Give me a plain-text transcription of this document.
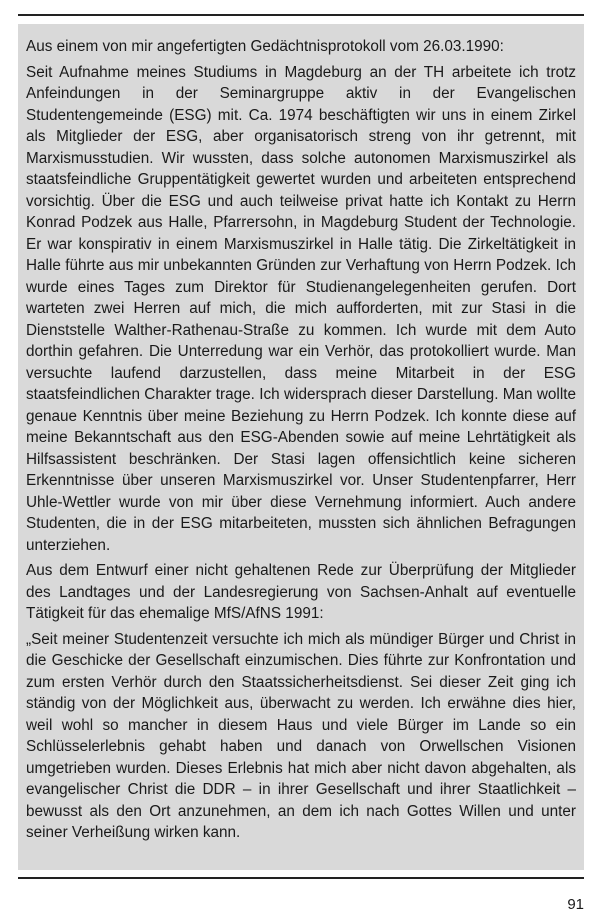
Aus einem von mir angefertigten Gedächtnisprotokoll vom 26.03.1990:

Seit Aufnahme meines Studiums in Magdeburg an der TH arbeitete ich trotz Anfeindungen in der Seminargruppe aktiv in der Evangelischen Studentengemeinde (ESG) mit. Ca. 1974 beschäftigten wir uns in einem Zirkel als Mitglieder der ESG, aber organisatorisch streng von ihr getrennt, mit Marxismusstudien. Wir wussten, dass solche autonomen Marxismuszirkel als staatsfeindliche Gruppentätigkeit gewertet wurden und arbeiteten entsprechend vorsichtig. Über die ESG und auch teilweise privat hatte ich Kontakt zu Herrn Konrad Podzek aus Halle, Pfarrersohn, in Magdeburg Student der Technologie. Er war konspirativ in einem Marxismuszirkel in Halle tätig. Die Zirkeltätigkeit in Halle führte aus mir unbekannten Gründen zur Verhaftung von Herrn Podzek. Ich wurde eines Tages zum Direktor für Studienangelegenheiten gerufen. Dort warteten zwei Herren auf mich, die mich aufforderten, mit zur Stasi in die Dienststelle Walther-Rathenau-Straße zu kommen. Ich wurde mit dem Auto dorthin gefahren. Die Unterredung war ein Verhör, das protokolliert wurde. Man versuchte laufend darzustellen, dass meine Mitarbeit in der ESG staatsfeindlichen Charakter trage. Ich widersprach dieser Darstellung. Man wollte genaue Kenntnis über meine Beziehung zu Herrn Podzek. Ich konnte diese auf meine Bekanntschaft aus den ESG-Abenden sowie auf meine Lehrtätigkeit als Hilfsassistent beschränken. Der Stasi lagen offensichtlich keine sicheren Erkenntnisse über unseren Marxismuszirkel vor. Unser Studentenpfarrer, Herr Uhle-Wettler wurde von mir über diese Vernehmung informiert. Auch andere Studenten, die in der ESG mitarbeiteten, mussten sich ähnlichen Befragungen unterziehen.

Aus dem Entwurf einer nicht gehaltenen Rede zur Überprüfung der Mitglieder des Landtages und der Landesregierung von Sachsen-Anhalt auf eventuelle Tätigkeit für das ehemalige MfS/AfNS 1991:

„Seit meiner Studentenzeit versuchte ich mich als mündiger Bürger und Christ in die Geschicke der Gesellschaft einzumischen. Dies führte zur Konfrontation und zum ersten Verhör durch den Staatssicherheitsdienst. Sei dieser Zeit ging ich ständig von der Möglichkeit aus, überwacht zu werden. Ich erwähne dies hier, weil wohl so mancher in diesem Haus und viele Bürger im Lande so ein Schlüsselerlebnis gehabt haben und danach von Orwellschen Visionen umgetrieben wurden. Dieses Erlebnis hat mich aber nicht davon abgehalten, als evangelischer Christ die DDR – in ihrer Gesellschaft und ihrer Staatlichkeit – bewusst als den Ort anzunehmen, an dem ich nach Gottes Willen und unter seiner Verheißung wirken kann.

91
